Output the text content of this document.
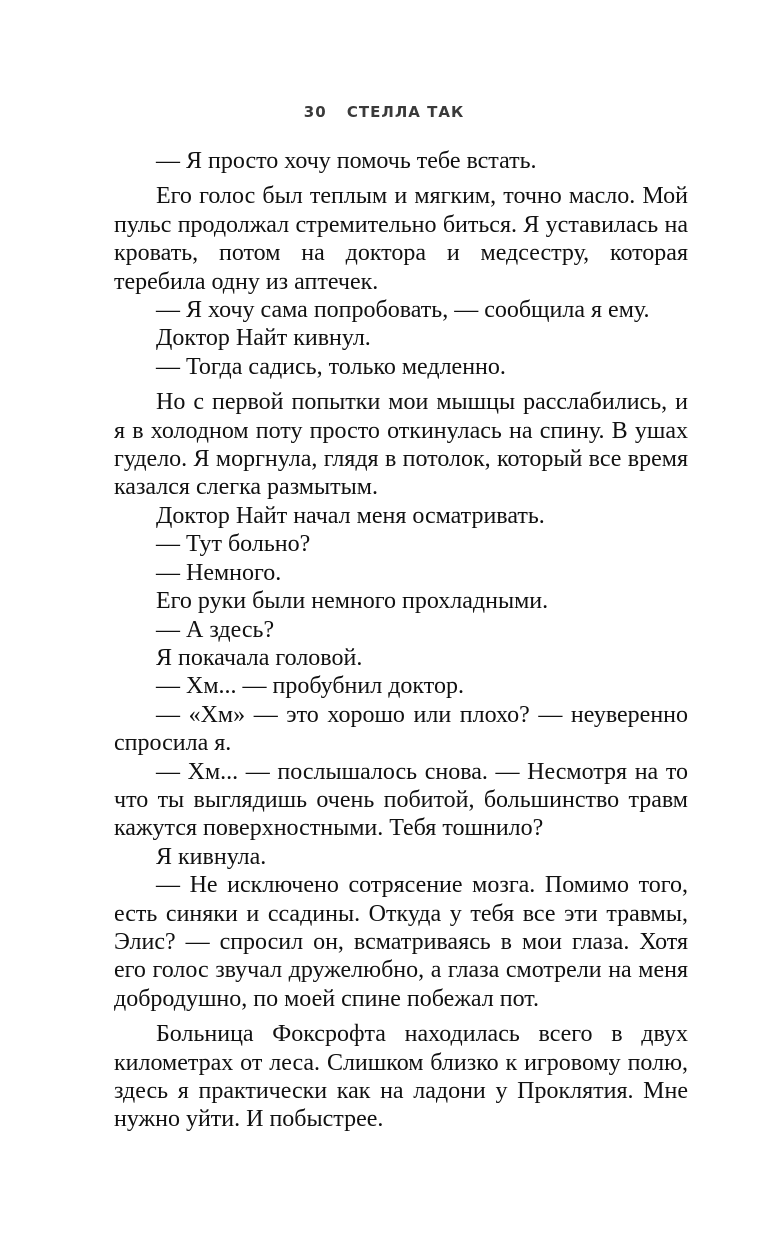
30 СТЕЛЛА ТАК

— Я просто хочу помочь тебе встать.

Его голос был теплым и мягким, точно масло. Мой пульс продолжал стремительно биться. Я уставилась на кровать, потом на доктора и медсестру, которая теребила одну из аптечек.

— Я хочу сама попробовать, — сообщила я ему.

Доктор Найт кивнул.

— Тогда садись, только медленно.

Но с первой попытки мои мышцы расслабились, и я в холодном поту просто откинулась на спину. В ушах гудело. Я моргнула, глядя в потолок, который все время казался слегка размытым.

Доктор Найт начал меня осматривать.

— Тут больно?

— Немного.

Его руки были немного прохладными.

— А здесь?

Я покачала головой.

— Хм... — пробубнил доктор.

— «Хм» — это хорошо или плохо? — неуверенно спросила я.

— Хм... — послышалось снова. — Несмотря на то что ты выглядишь очень побитой, большинство травм кажутся поверхностными. Тебя тошнило?

Я кивнула.

— Не исключено сотрясение мозга. Помимо того, есть синяки и ссадины. Откуда у тебя все эти травмы, Элис? — спросил он, всматриваясь в мои глаза. Хотя его голос звучал дружелюбно, а глаза смотрели на меня добродушно, по моей спине побежал пот.

Больница Фоксрофта находилась всего в двух километрах от леса. Слишком близко к игровому полю, здесь я практически как на ладони у Проклятия. Мне нужно уйти. И побыстрее.
